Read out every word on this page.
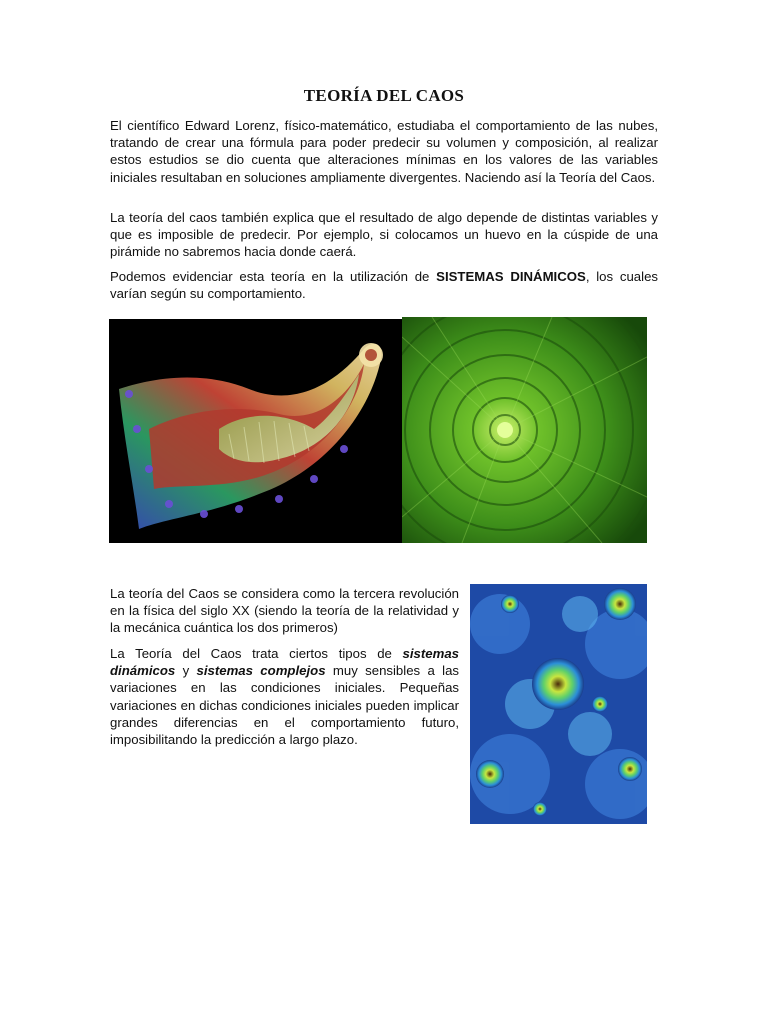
TEORÍA DEL CAOS

El científico Edward Lorenz, físico-matemático, estudiaba el comportamiento de las nubes, tratando de crear una fórmula para poder predecir su volumen y composición, al realizar estos estudios se dio cuenta que alteraciones mínimas en los valores de las variables iniciales resultaban en soluciones ampliamente divergentes. Naciendo así la Teoría del Caos.

La teoría del caos también explica que el resultado de algo depende de distintas variables y que es imposible de predecir. Por ejemplo, si colocamos un huevo en la cúspide de una pirámide no sabremos hacia donde caerá.

Podemos evidenciar esta teoría en la utilización de SISTEMAS DINÁMICOS, los cuales varían según su comportamiento.

La teoría del Caos se considera como la tercera revolución en la física del siglo XX (siendo la teoría de la relatividad y la mecánica cuántica los dos primeros)

La Teoría del Caos trata ciertos tipos de sistemas dinámicos y sistemas complejos muy sensibles a las variaciones en las condiciones iniciales. Pequeñas variaciones en dichas condiciones iniciales pueden implicar grandes diferencias en el comportamiento futuro, imposibilitando la predicción a largo plazo.
